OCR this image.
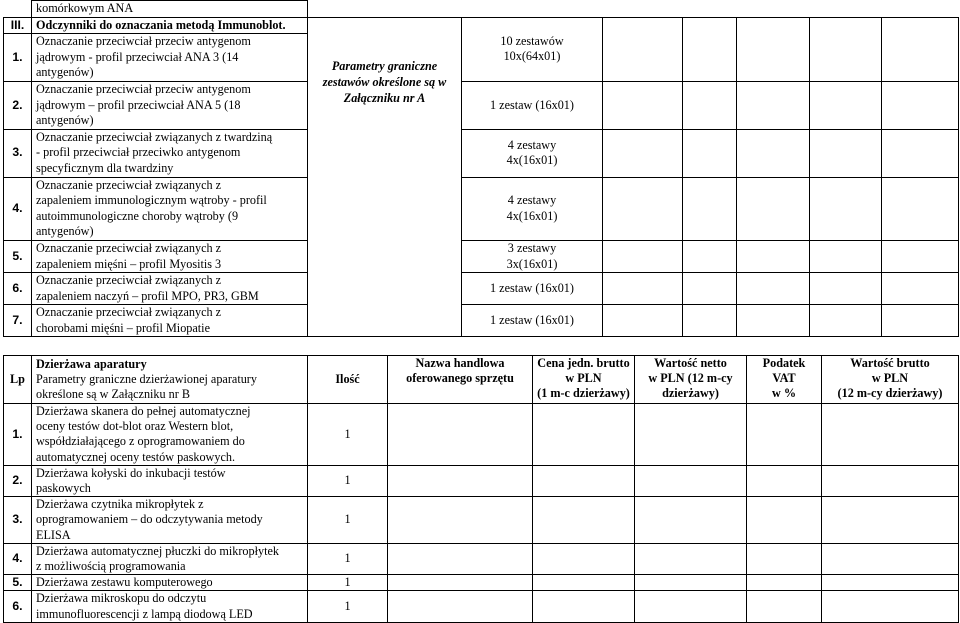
	komórkowym ANA							
III.	Odczynniki do oznaczania metodą Immunoblot.	Parametry graniczne
zestawów określone są w
Załączniku nr A						

1.	Oznaczanie przeciwciał przeciw antygenom
jądrowym - profil przeciwciał ANA 3 (14
antygenów)		10 zestawów
10x(64x01)					

2.	Oznaczanie przeciwciał przeciw antygenom
jądrowym – profil przeciwciał ANA 5 (18
antygenów)		1 zestaw (16x01)					

3.	Oznaczanie przeciwciał związanych z twardziną
- profil przeciwciał przeciwko antygenom
specyficznym dla twardziny		4 zestawy
4x(16x01)					

4.	Oznaczanie przeciwciał związanych z
zapaleniem immunologicznym wątroby - profil
autoimmunologiczne choroby wątroby (9
antygenów)		4 zestawy
4x(16x01)					

5.	Oznaczanie przeciwciał związanych z
zapaleniem mięśni – profil Myositis 3		3 zestawy
3x(16x01)					

6.	Oznaczanie przeciwciał związanych z
zapaleniem naczyń – profil MPO, PR3, GBM		1 zestaw (16x01)					

7.	Oznaczanie przeciwciał związanych z
chorobami mięśni – profil Miopatie		1 zestaw (16x01)					

Lp	Dzierżawa aparatury
Parametry graniczne dzierżawionej aparatury
określone są w Załączniku nr B	Ilość	Nazwa handlowa
oferowanego sprzętu	Cena jedn. brutto
w PLN
(1 m-c dzierżawy)	Wartość netto
w PLN (12 m-cy
dzierżawy)	Podatek
VAT
w %	Wartość brutto
w PLN
(12 m-cy dzierżawy)

1.	Dzierżawa skanera do pełnej automatycznej
oceny testów dot-blot oraz Western blot,
współdziałającego z oprogramowaniem do
automatycznej oceny testów paskowych.	1					
2.	Dzierżawa kołyski do inkubacji testów
paskowych	1					
3.	Dzierżawa czytnika mikropłytek z
oprogramowaniem – do odczytywania metody
ELISA	1					
4.	Dzierżawa automatycznej płuczki do mikropłytek
z możliwością programowania	1					
5.	Dzierżawa zestawu komputerowego	1					
6.	Dzierżawa mikroskopu do odczytu
immunofluorescencji z lampą diodową LED	1					
